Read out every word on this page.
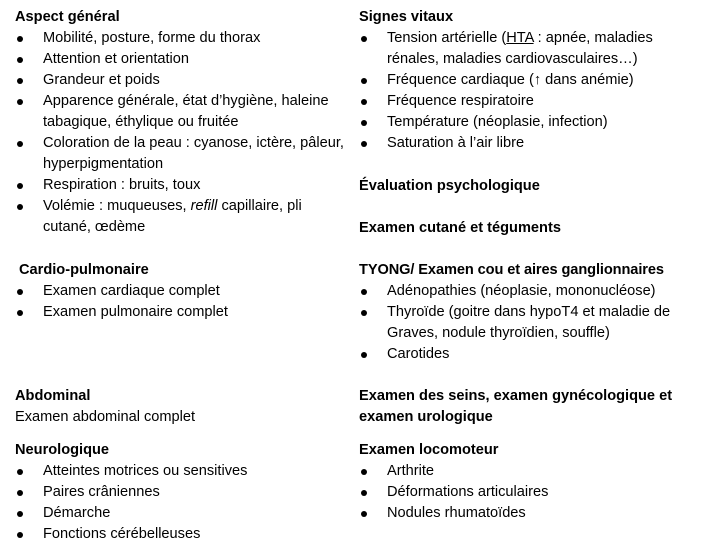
Aspect général
Mobilité, posture, forme du thorax
Attention et orientation
Grandeur et poids
Apparence générale, état d’hygiène, haleine tabagique, éthylique ou fruitée
Coloration de la peau : cyanose, ictère, pâleur, hyperpigmentation
Respiration : bruits, toux
Volémie : muqueuses, refill capillaire, pli cutané, œdème
Cardio-pulmonaire
Examen cardiaque complet
Examen pulmonaire complet
Abdominal

Examen abdominal complet

Neurologique
Atteintes motrices ou sensitives
Paires crâniennes
Démarche
Fonctions cérébelleuses
Signes vitaux
Tension artérielle (HTA : apnée, maladies rénales, maladies cardiovasculaires…)
Fréquence cardiaque (↑ dans anémie)
Fréquence respiratoire
Température (néoplasie, infection)
Saturation à l’air libre
Évaluation psychologique
Examen cutané et téguments
TYONG/ Examen cou et aires ganglionnaires
Adénopathies (néoplasie, mononucléose)
Thyroïde (goitre dans hypoT4 et maladie de Graves, nodule thyroïdien, souffle)
Carotides
Examen des seins, examen gynécologique et examen urologique
Examen locomoteur
Arthrite
Déformations articulaires
Nodules rhumatoïdes
